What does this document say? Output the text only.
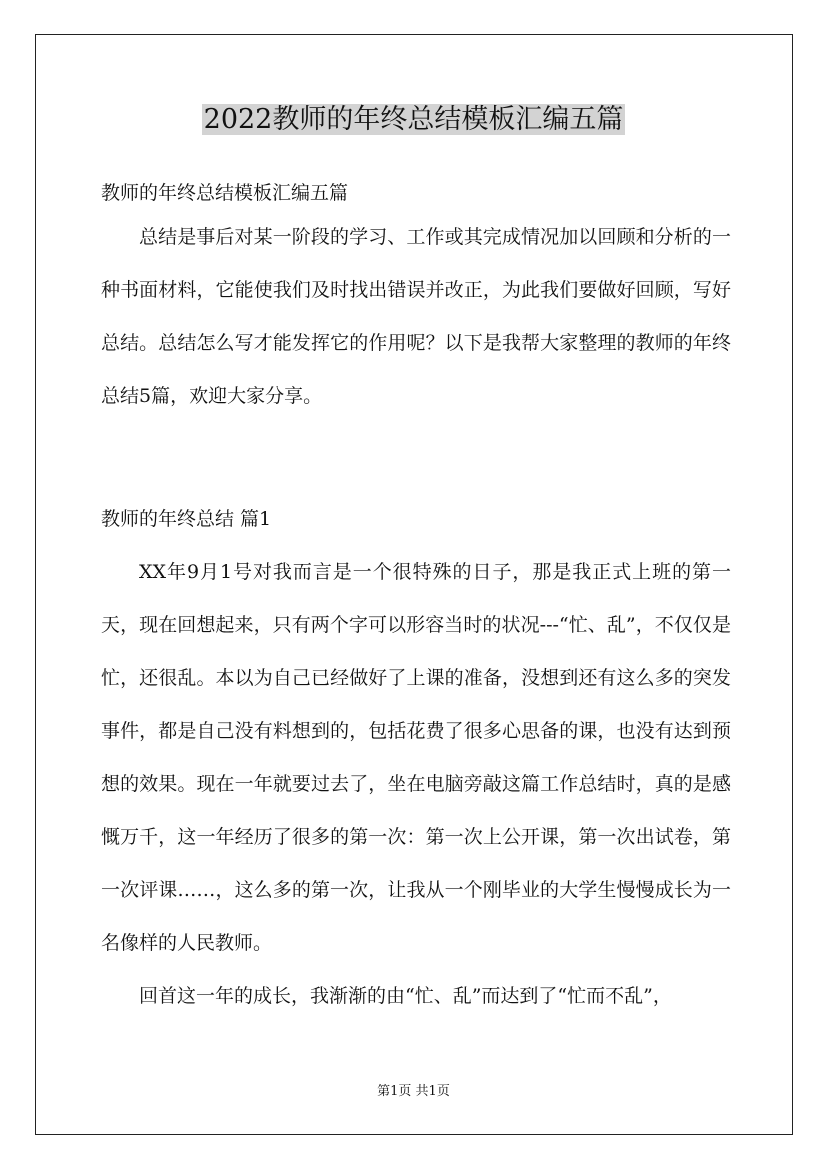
2022教师的年终总结模板汇编五篇
教师的年终总结模板汇编五篇

总结是事后对某一阶段的学习、工作或其完成情况加以回顾和分析的一种书面材料，它能使我们及时找出错误并改正，为此我们要做好回顾，写好总结。总结怎么写才能发挥它的作用呢？以下是我帮大家整理的教师的年终总结5篇，欢迎大家分享。

教师的年终总结 篇1

XX年9月1号对我而言是一个很特殊的日子，那是我正式上班的第一天，现在回想起来，只有两个字可以形容当时的状况---“忙、乱”，不仅仅是忙，还很乱。本以为自己已经做好了上课的准备，没想到还有这么多的突发事件，都是自己没有料想到的，包括花费了很多心思备的课，也没有达到预想的效果。现在一年就要过去了，坐在电脑旁敲这篇工作总结时，真的是感慨万千，这一年经历了很多的第一次：第一次上公开课，第一次出试卷，第一次评课……，这么多的第一次，让我从一个刚毕业的大学生慢慢成长为一名像样的人民教师。

回首这一年的成长，我渐渐的由“忙、乱”而达到了“忙而不乱”，

第1页 共1页
